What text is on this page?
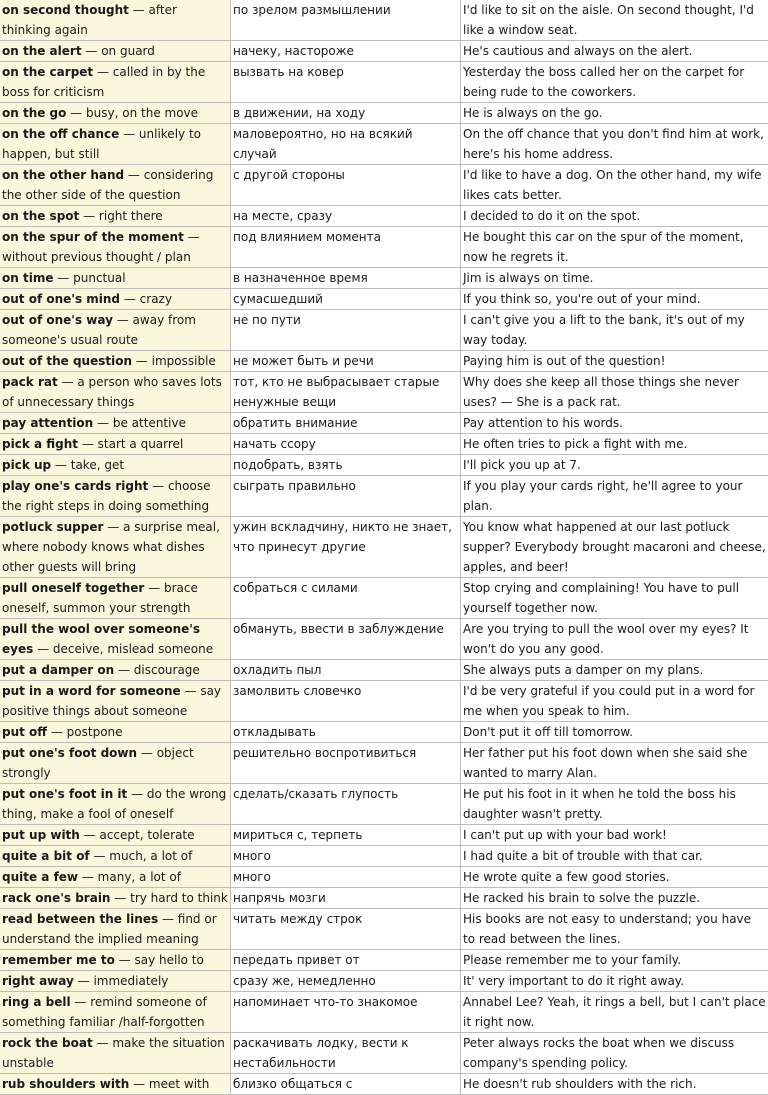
on second thought — after thinking again	по зрелом размышлении	I'd like to sit on the aisle. On second thought, I'd like a window seat.
on the alert — on guard	начеку, настороже	He's cautious and always on the alert.
on the carpet — called in by the boss for criticism	вызвать на ковер	Yesterday the boss called her on the carpet for being rude to the coworkers.
on the go — busy, on the move	в движении, на ходу	He is always on the go.
on the off chance — unlikely to happen, but still	маловероятно, но на всякий случай	On the off chance that you don't find him at work, here's his home address.
on the other hand — considering the other side of the question	с другой стороны	I'd like to have a dog. On the other hand, my wife likes cats better.
on the spot — right there	на месте, сразу	I decided to do it on the spot.
on the spur of the moment — without previous thought / plan	под влиянием момента	He bought this car on the spur of the moment, now he regrets it.
on time — punctual	в назначенное время	Jim is always on time.
out of one's mind — crazy	сумасшедший	If you think so, you're out of your mind.
out of one's way — away from someone's usual route	не по пути	I can't give you a lift to the bank, it's out of my way today.
out of the question — impossible	не может быть и речи	Paying him is out of the question!
pack rat — a person who saves lots of unnecessary things	тот, кто не выбрасывает старые ненужные вещи	Why does she keep all those things she never uses? — She is a pack rat.
pay attention — be attentive	обратить внимание	Pay attention to his words.
pick a fight — start a quarrel	начать ссору	He often tries to pick a fight with me.
pick up — take, get	подобрать, взять	I'll pick you up at 7.
play one's cards right — choose the right steps in doing something	сыграть правильно	If you play your cards right, he'll agree to your plan.
potluck supper — a surprise meal, where nobody knows what dishes other guests will bring	ужин вскладчину, никто не знает, что принесут другие	You know what happened at our last potluck supper? Everybody brought macaroni and cheese, apples, and beer!
pull oneself together — brace oneself, summon your strength	собраться с силами	Stop crying and complaining! You have to pull yourself together now.
pull the wool over someone's eyes — deceive, mislead someone	обмануть, ввести в заблуждение	Are you trying to pull the wool over my eyes? It won't do you any good.
put a damper on — discourage	охладить пыл	She always puts a damper on my plans.
put in a word for someone — say positive things about someone	замолвить словечко	I'd be very grateful if you could put in a word for me when you speak to him.
put off — postpone	откладывать	Don't put it off till tomorrow.
put one's foot down — object strongly	решительно воспротивиться	Her father put his foot down when she said she wanted to marry Alan.
put one's foot in it — do the wrong thing, make a fool of oneself	сделать/сказать глупость	He put his foot in it when he told the boss his daughter wasn't pretty.
put up with — accept, tolerate	мириться с, терпеть	I can't put up with your bad work!
quite a bit of — much, a lot of	много	I had quite a bit of trouble with that car.
quite a few — many, a lot of	много	He wrote quite a few good stories.
rack one's brain — try hard to think	напрячь мозги	He racked his brain to solve the puzzle.
read between the lines — find or understand the implied meaning	читать между строк	His books are not easy to understand; you have to read between the lines.
remember me to — say hello to	передать привет от	Please remember me to your family.
right away — immediately	сразу же, немедленно	It' very important to do it right away.
ring a bell — remind someone of something familiar /half-forgotten	напоминает что-то знакомое	Annabel Lee? Yeah, it rings a bell, but I can't place it right now.
rock the boat — make the situation unstable	раскачивать лодку, вести к нестабильности	Peter always rocks the boat when we discuss company's spending policy.
rub shoulders with — meet with	близко общаться с	He doesn't rub shoulders with the rich.
